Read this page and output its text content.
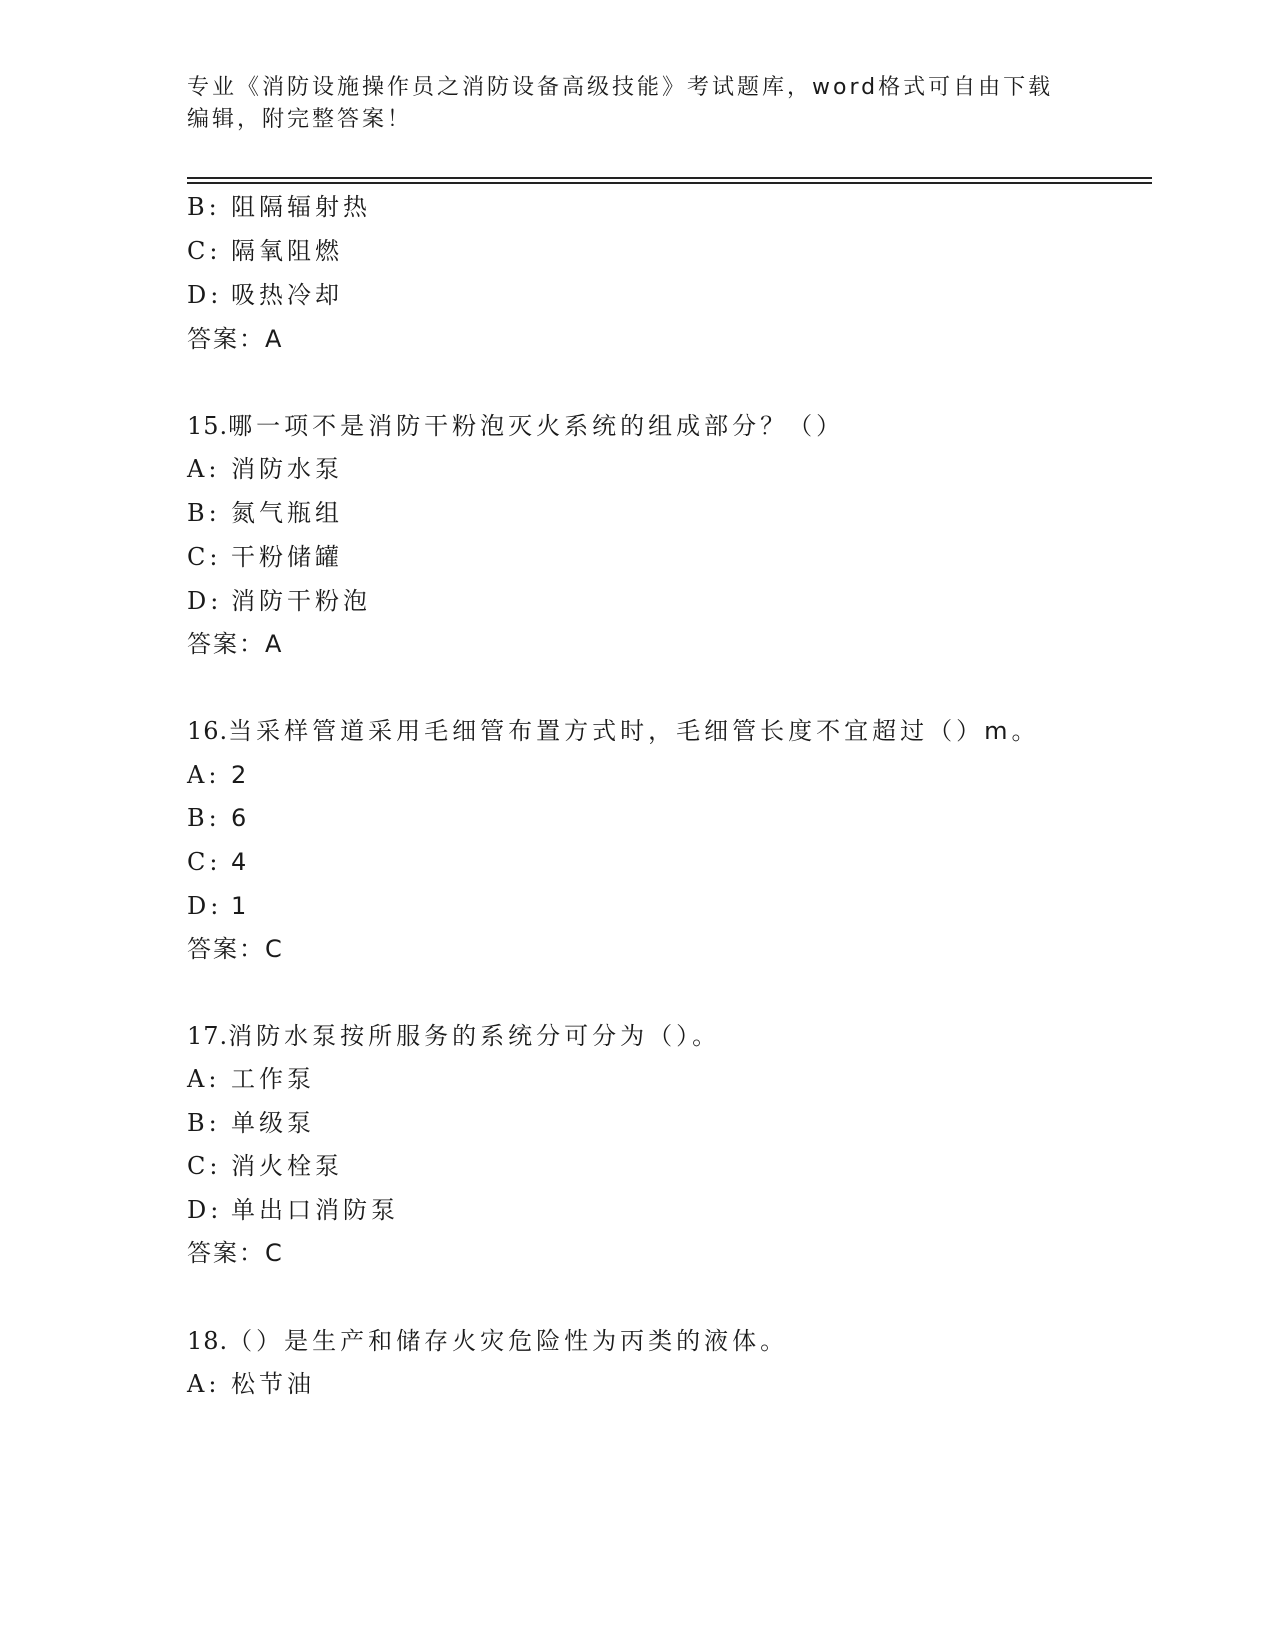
专业《消防设施操作员之消防设备高级技能》考试题库，word格式可自由下载编辑，附完整答案！
B: 阻隔辐射热
C: 隔氧阻燃
D: 吸热冷却
答案：A
15.哪一项不是消防干粉泡灭火系统的组成部分？（）
A: 消防水泵
B: 氮气瓶组
C: 干粉储罐
D: 消防干粉泡
答案：A
16.当采样管道采用毛细管布置方式时，毛细管长度不宜超过（）m。
A: 2
B: 6
C: 4
D: 1
答案：C
17.消防水泵按所服务的系统分可分为（）。
A: 工作泵
B: 单级泵
C: 消火栓泵
D: 单出口消防泵
答案：C
18.（）是生产和储存火灾危险性为丙类的液体。
A: 松节油
